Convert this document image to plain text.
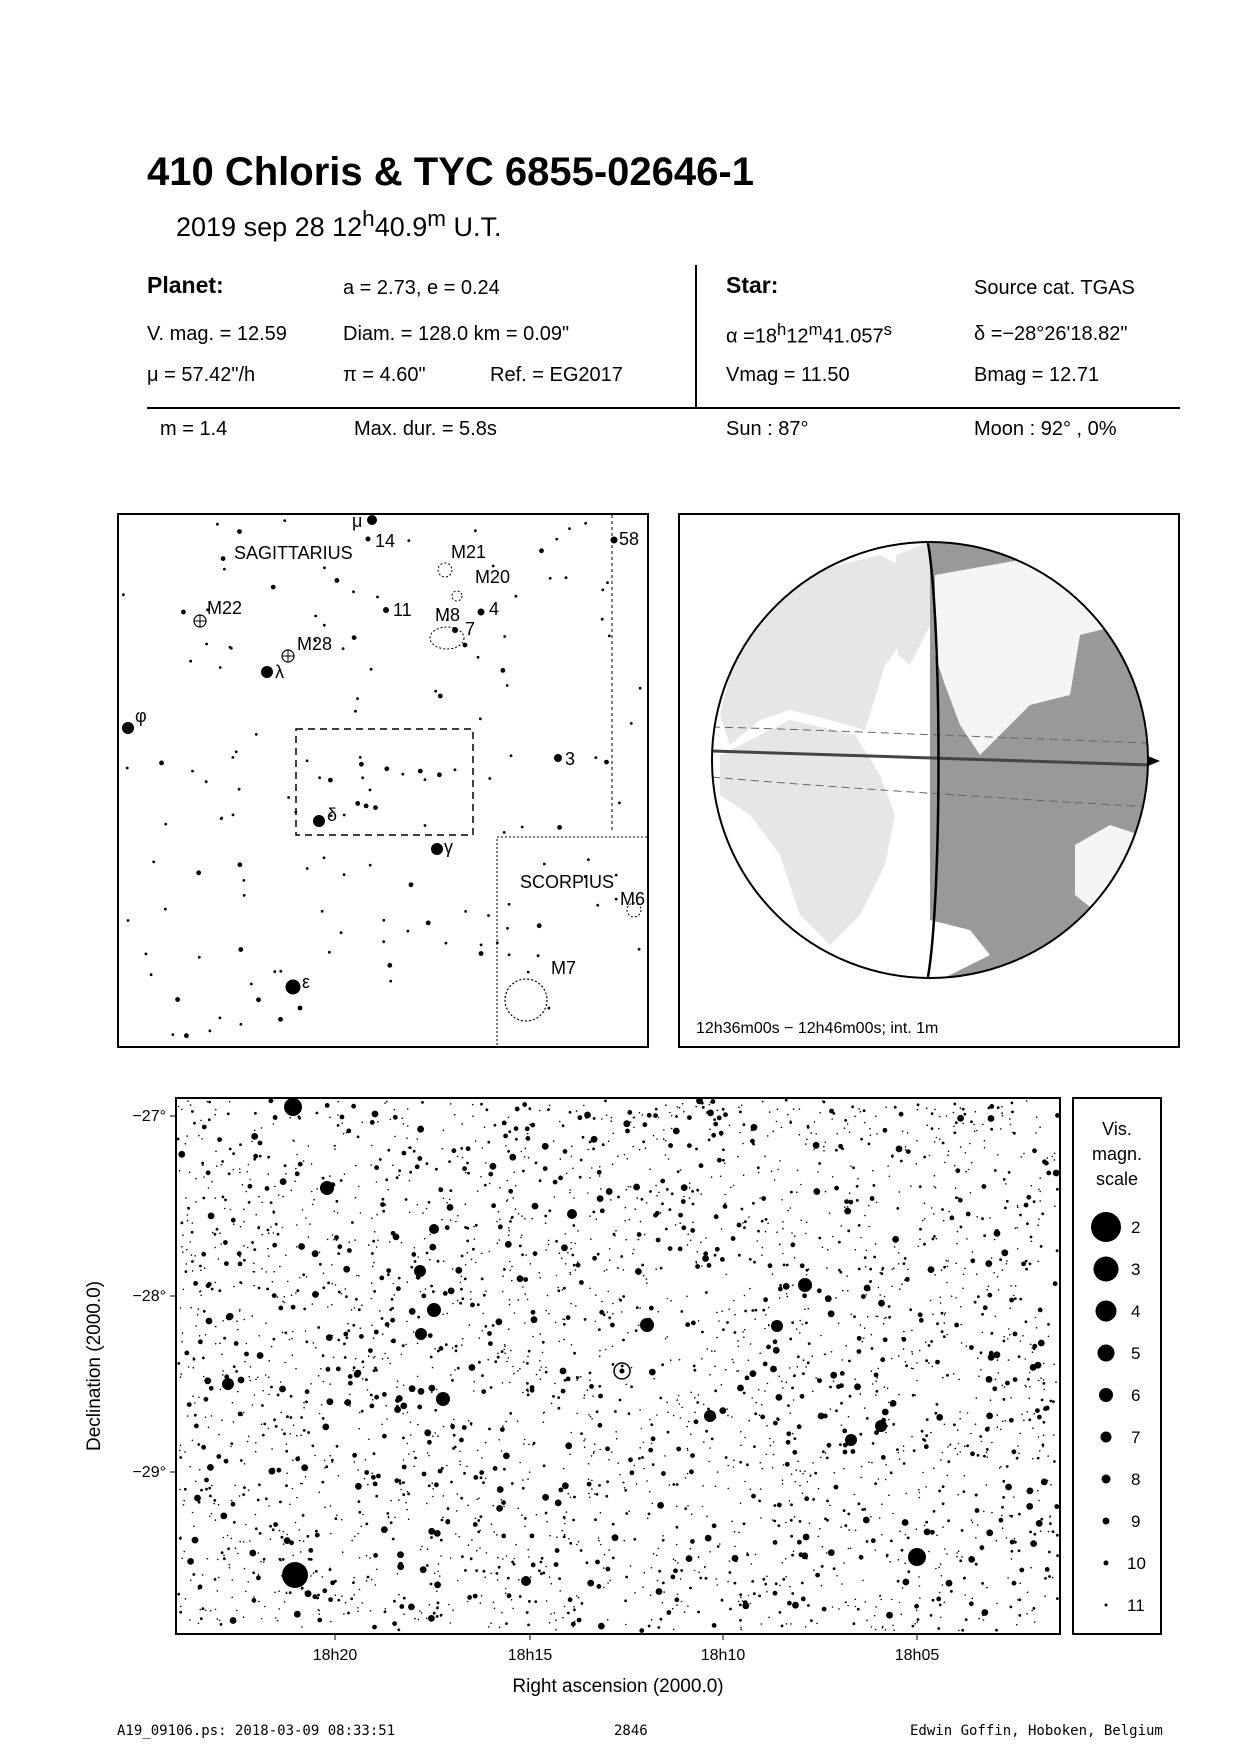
410 Chloris & TYC 6855-02646-1
2019 sep 28 12$^h$40.9$^m$ U.T.
Planet:	a = 2.73, e = 0.24
V. mag. = 12.59	Diam. = 128.0 km = 0.09"
μ = 57.42"/h	π = 4.60"	Ref. = EG2017
Star:	Source cat. TGAS
$\alpha =18^h12^m41.057^s$	δ =−28°26'18.82"
Vmag = 11.50	Bmag = 12.71
m = 1.4	Max. dur. = 5.8s	Sun : 87°	Moon : 92° , 0%
SAGITTARIUS
SCORPIUS
μ
14
M21
M20
M22	11 M8 4
7
M28
λ
φ
3
δ
γ
M6
M7
ε
58
12h36m00s − 12h46m00s; int. 1m
−27°
−28°
−29°
18h20	18h15	18h10	18h05
Right ascension (2000.0)
Declination (2000.0)
Vis.
magn.
scale
2
3
4
5
6
7
8
9
10
11
A19_09106.ps: 2018-03-09 08:33:51	2846	Edwin Goffin, Hoboken, Belgium
